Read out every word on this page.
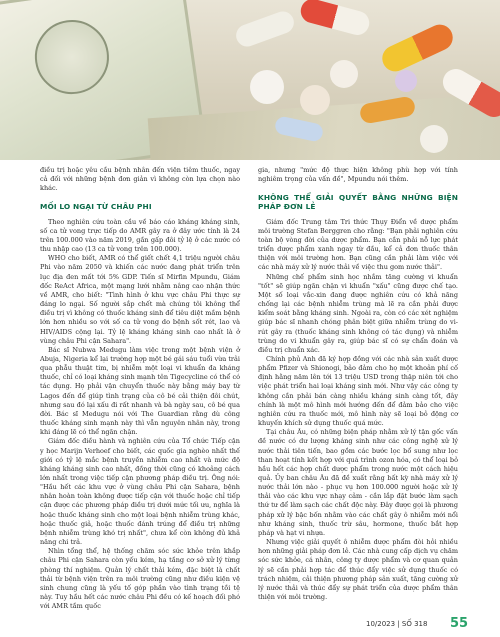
điều trị hoặc yêu cầu bệnh nhân đến viện tiêm thuốc, ngay cả đối với những bệnh đơn giản vì không còn lựa chọn nào khác.

MỐI LO NGẠI TỪ CHÂU PHI

Theo nghiên cứu toàn cầu về báo cáo kháng kháng sinh, số ca tử vong trực tiếp do AMR gây ra ở đây ước tính là 24 trên 100.000 vào năm 2019, gần gấp đôi tỷ lệ ở các nước có thu nhập cao (13 ca tử vong trên 100.000).

WHO cho biết, AMR có thể giết chết 4,1 triệu người châu Phi vào năm 2050 và khiến các nước đang phát triển trên lục địa đen mất tới 5% GDP. Tiến sĩ Mirfin Mpundu, Giám đốc ReAct Africa, một mạng lưới nhằm nâng cao nhận thức về AMR, cho biết: "Tình hình ở khu vực châu Phi thực sự đáng lo ngại. Số người sắp chết mà chúng tôi không thể điều trị vì không có thuốc kháng sinh để tiêu diệt mầm bệnh lớn hơn nhiều so với số ca tử vong do bệnh sốt rét, lao và HIV/AIDS cộng lại. Tỷ lệ kháng kháng sinh cao nhất là ở vùng châu Phi cận Sahara".

Bác sĩ Nubwa Medugu làm việc trong một bệnh viện ở Abuja, Nigeria kể lại trường hợp một bé gái sáu tuổi vừa trải qua phẫu thuật tim, bị nhiễm một loại vi khuẩn đa kháng thuốc, chỉ có loại kháng sinh mạnh tên Tigecycline có thể có tác dụng. Họ phải vận chuyển thuốc này bằng máy bay từ Lagos đến để giúp tình trạng của cô bé cải thiện đôi chút, nhưng sau đó lại xấu đi rất nhanh và bà ngày sau, cô bé qua đời. Bác sĩ Medugu nói với The Guardian rằng dù công thuốc kháng sinh mạnh này thì vẫn nguyên nhân này, trong khi đáng lẽ có thể ngăn chặn.

Giám đốc điều hành và nghiên cứu của Tổ chức Tiếp cận y học Marijn Verhoef cho biết, các quốc gia nghèo nhất thế giới có tỷ lệ mắc bệnh truyền nhiễm cao nhất và mức độ kháng kháng sinh cao nhất, đồng thời cũng có khoảng cách lớn nhất trong việc tiếp cận phương pháp điều trị. Ông nói: "Hầu hết các khu vực ở vùng châu Phi cận Sahara, bệnh nhân hoàn toàn không được tiếp cận với thuốc hoặc chỉ tiếp cận được các phương pháp điều trị dưới mức tối ưu, nghĩa là hoặc thuốc kháng sinh cho một loại bệnh nhiễm trùng khác, hoặc thuốc giả, hoặc thuốc đánh trúng để điều trị những bệnh nhiễm trùng khó trị nhất", chưa kể còn không đủ khả năng chi trả.

Nhìn tổng thể, hệ thống chăm sóc sức khỏe trên khắp châu Phi cận Sahara còn yếu kém, hạ tầng cơ sở xử lý từng phòng thí nghiệm. Quản lý chất thải kém, đặc biệt là chất thải từ bệnh viện trên ra môi trường cũng như điều kiện vệ sinh chung cũng là yếu tố góp phần vào tình trạng tồi tệ này. Tuy hầu hết các nước châu Phi đều có kế hoạch đối phó với AMR tầm quốc

gia, nhưng "mức độ thực hiện không phù hợp với tính nghiêm trọng của vấn đề", Mpundu nói thêm.

KHÔNG THỂ GIẢI QUYẾT BẰNG NHỮNG BIỆN PHÁP ĐƠN LẺ

Giám đốc Trung tâm Tri thức Thụy Điển về dược phẩm môi trường Stefan Berggren cho rằng: "Bạn phải nghiên cứu toàn bộ vòng đời của dược phẩm. Bạn cần phải nỗ lực phát triển dược phẩm xanh ngay từ đầu, kể cả đơn thuốc thân thiện với môi trường hơn. Bạn cũng cần phải làm việc với các nhà máy xử lý nước thải về việc thu gom nước thải".

Những chế phẩm sinh học nhắm tăng cường vi khuẩn "tốt" sẽ giúp ngăn chặn vi khuẩn "xấu" cũng được chế tạo. Một số loại vắc-xin đang được nghiên cứu có khả năng chống lại các bệnh nhiễm trùng mà lẽ ra cần phải được kiểm soát bằng kháng sinh. Ngoài ra, còn có các xét nghiệm giúp bác sĩ nhanh chóng phân biệt giữa nhiễm trùng do vi-rút gây ra (thuốc kháng sinh không có tác dụng) và nhiễm trùng do vi khuẩn gây ra, giúp bác sĩ có sự chẩn đoán và điều trị chuẩn xác.

Chính phủ Anh đã ký hợp đồng với các nhà sản xuất dược phẩm Pfizer và Shionogi, bảo đảm cho họ một khoản phí cố định hằng năm lên tới 13 triệu USD trong thập niên tới cho việc phát triển hai loại kháng sinh mới. Như vậy các công ty không cần phải bán càng nhiều kháng sinh càng tốt, đây chính là một mô hình mới hướng đến để đảm bảo cho việc nghiên cứu ra thuốc mới, mô hình này sẽ loại bỏ động cơ khuyến khích sử dụng thuốc quá mức.

Tại châu Âu, có những biện pháp nhằm xử lý tận gốc vấn đề nước có dư lượng kháng sinh như các công nghệ xử lý nước thải tiên tiến, bao gồm các bước lọc bổ sung như lọc than hoạt tính kết hợp với quá trình ozon hóa, có thể loại bỏ hầu hết các hợp chất dược phẩm trong nước một cách hiệu quả. Ủy ban châu Âu đã đề xuất rằng bất kỳ nhà máy xử lý nước thải lớn nào - phục vụ hơn 100.000 người hoặc xử lý thải vào các khu vực nhạy cảm - cần lắp đặt bước làm sạch thứ tư để làm sạch các chất độc này. Đây được gọi là phương pháp xử lý bậc bốn nhằm vào các chất gây ô nhiễm mới nổi như kháng sinh, thuốc trừ sâu, hormone, thuốc bắt hợp pháp và hạt vi nhựa.

Nhưng việc giải quyết ô nhiễm dược phẩm đòi hỏi nhiều hơn những giải pháp đơn lẻ. Các nhà cung cấp dịch vụ chăm sóc sức khỏe, cá nhân, công ty dược phẩm và cơ quan quản lý sẽ cần phải hợp tác để thúc đẩy việc sử dụng thuốc có trách nhiệm, cải thiện phương pháp sản xuất, tăng cường xử lý nước thải và thúc đẩy sự phát triển của dược phẩm thân thiện với môi trường.

10/2023 | SỐ 318 55
